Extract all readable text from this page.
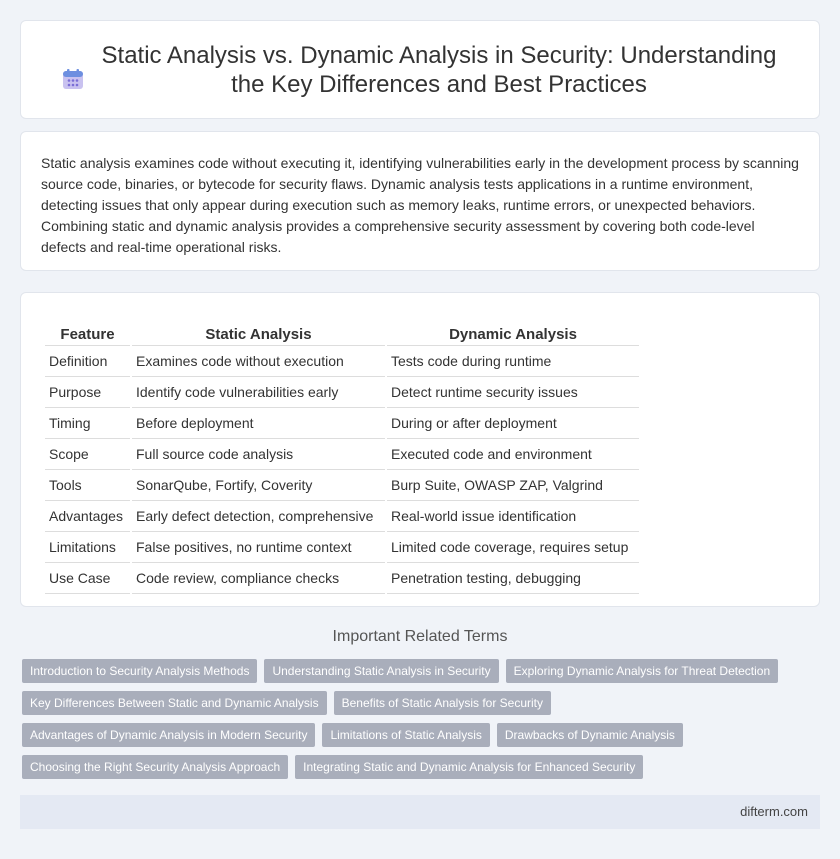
Static Analysis vs. Dynamic Analysis in Security: Understanding the Key Differences and Best Practices

Static analysis examines code without executing it, identifying vulnerabilities early in the development process by scanning source code, binaries, or bytecode for security flaws. Dynamic analysis tests applications in a runtime environment, detecting issues that only appear during execution such as memory leaks, runtime errors, or unexpected behaviors. Combining static and dynamic analysis provides a comprehensive security assessment by covering both code-level defects and real-time operational risks.

Feature	Static Analysis	Dynamic Analysis
Definition	Examines code without execution	Tests code during runtime
Purpose	Identify code vulnerabilities early	Detect runtime security issues
Timing	Before deployment	During or after deployment
Scope	Full source code analysis	Executed code and environment
Tools	SonarQube, Fortify, Coverity	Burp Suite, OWASP ZAP, Valgrind
Advantages	Early defect detection, comprehensive	Real-world issue identification
Limitations	False positives, no runtime context	Limited code coverage, requires setup
Use Case	Code review, compliance checks	Penetration testing, debugging
Important Related Terms
Introduction to Security Analysis Methods	Understanding Static Analysis in Security	Exploring Dynamic Analysis for Threat Detection
Key Differences Between Static and Dynamic Analysis	Benefits of Static Analysis for Security
Advantages of Dynamic Analysis in Modern Security	Limitations of Static Analysis	Drawbacks of Dynamic Analysis
Choosing the Right Security Analysis Approach	Integrating Static and Dynamic Analysis for Enhanced Security
difterm.com
